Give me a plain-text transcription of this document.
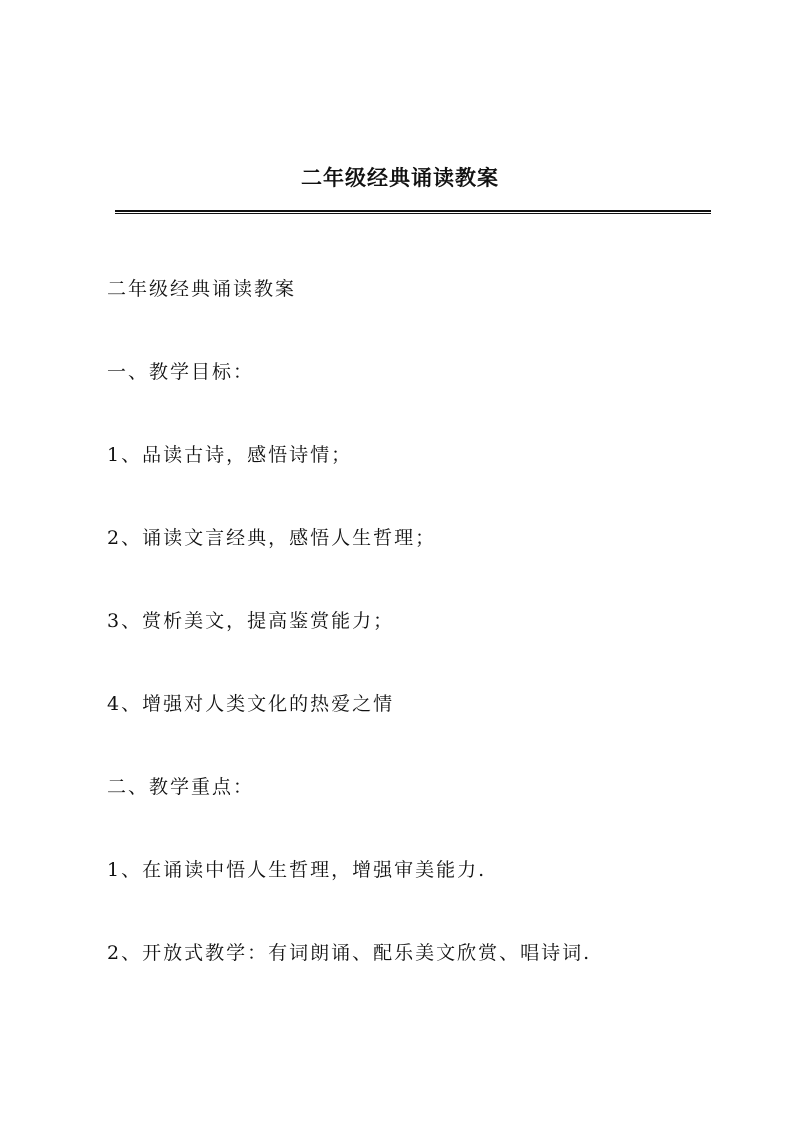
二年级经典诵读教案

二年级经典诵读教案

一、教学目标：

1、品读古诗，感悟诗情；

2、诵读文言经典，感悟人生哲理；

3、赏析美文，提高鉴赏能力；

4、增强对人类文化的热爱之情

二、教学重点：

1、在诵读中悟人生哲理，增强审美能力.

2、开放式教学：有词朗诵、配乐美文欣赏、唱诗词.
